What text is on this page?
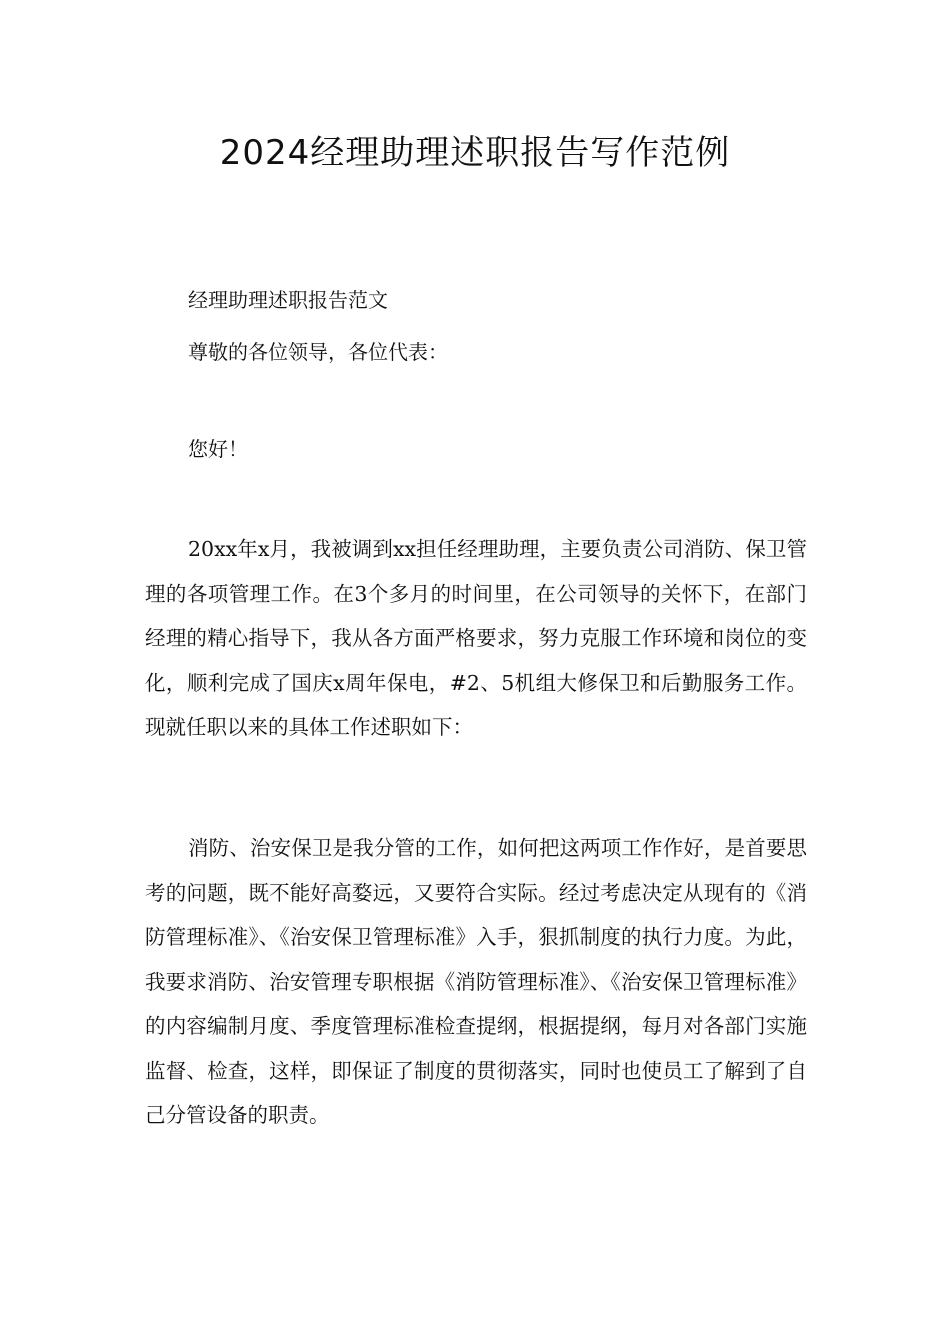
2024经理助理述职报告写作范例

经理助理述职报告范文

尊敬的各位领导，各位代表：

您好！

20xx年x月，我被调到xx担任经理助理，主要负责公司消防、保卫管理的各项管理工作。在3个多月的时间里，在公司领导的关怀下，在部门经理的精心指导下，我从各方面严格要求，努力克服工作环境和岗位的变化，顺利完成了国庆x周年保电，#2、5机组大修保卫和后勤服务工作。现就任职以来的具体工作述职如下：

消防、治安保卫是我分管的工作，如何把这两项工作作好，是首要思考的问题，既不能好高婺远，又要符合实际。经过考虑决定从现有的《消防管理标准》、《治安保卫管理标准》入手，狠抓制度的执行力度。为此，我要求消防、治安管理专职根据《消防管理标准》、《治安保卫管理标准》的内容编制月度、季度管理标准检查提纲，根据提纲，每月对各部门实施监督、检查，这样，即保证了制度的贯彻落实，同时也使员工了解到了自己分管设备的职责。
